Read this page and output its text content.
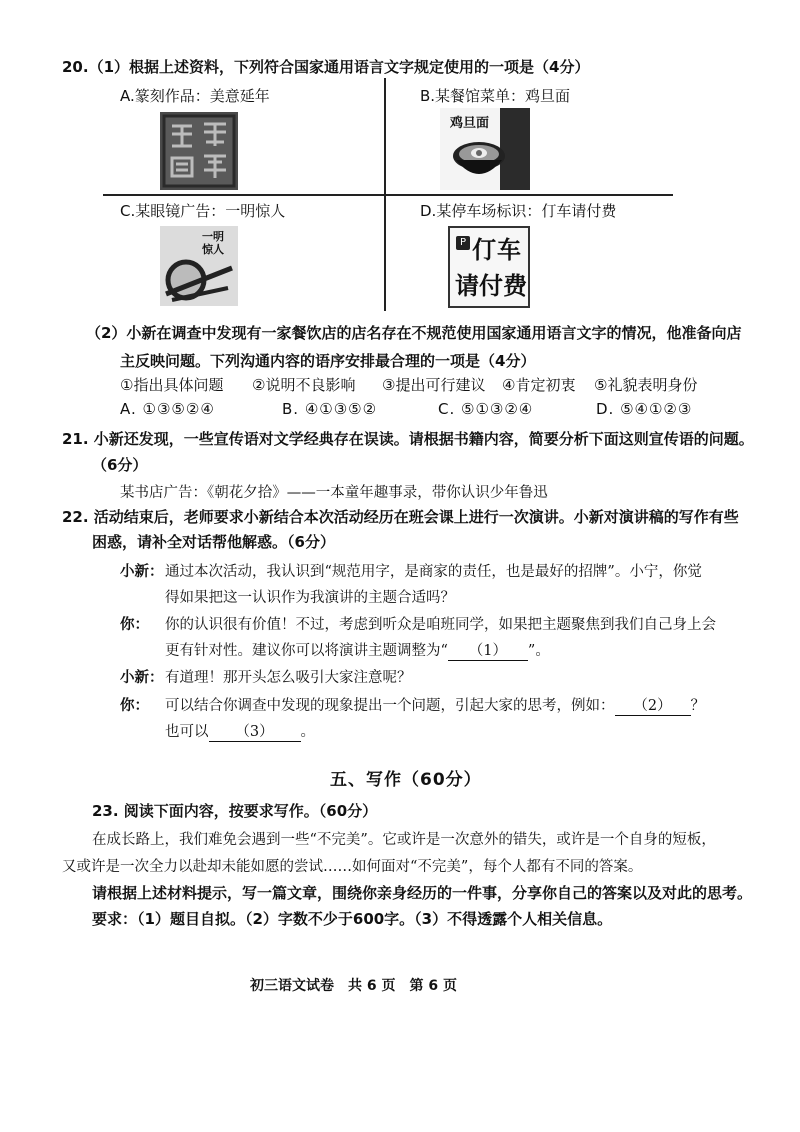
20.（1）根据上述资料，下列符合国家通用语言文字规定使用的一项是（4分）
A.篆刻作品：美意延年	B.某餐馆菜单：鸡旦面
C.某眼镜广告：一明惊人	D.某停车场标识：仃车请付费
鸡旦面
一明惊人
P 仃车
请付费
（2）小新在调查中发现有一家餐饮店的店名存在不规范使用国家通用语言文字的情况，他准备向店
主反映问题。下列沟通内容的语序安排最合理的一项是（4分）
①指出具体问题 ②说明不良影响 ③提出可行建议 ④肯定初衷 ⑤礼貌表明身份
A. ①③⑤②④	B. ④①③⑤②	C. ⑤①③②④	D. ⑤④①②③
21. 小新还发现，一些宣传语对文学经典存在误读。请根据书籍内容，简要分析下面这则宣传语的问题。
（6分）
某书店广告：《朝花夕拾》——一本童年趣事录，带你认识少年鲁迅
22. 活动结束后，老师要求小新结合本次活动经历在班会课上进行一次演讲。小新对演讲稿的写作有些
困惑，请补全对话帮他解惑。（6分）
小新： 通过本次活动，我认识到“规范用字，是商家的责任，也是最好的招牌”。小宁，你觉
得如果把这一认识作为我演讲的主题合适吗？
你： 你的认识很有价值！不过，考虑到听众是咱班同学，如果把主题聚焦到我们自己身上会
更有针对性。建议你可以将演讲主题调整为“ （1） ”。
小新： 有道理！那开头怎么吸引大家注意呢？
你： 可以结合你调查中发现的现象提出一个问题，引起大家的思考，例如： （2） ？
也可以 （3） 。
五、写作（60分）
23. 阅读下面内容，按要求写作。（60分）
在成长路上，我们难免会遇到一些“不完美”。它或许是一次意外的错失，或许是一个自身的短板，
又或许是一次全力以赴却未能如愿的尝试……如何面对“不完美”，每个人都有不同的答案。
请根据上述材料提示，写一篇文章，围绕你亲身经历的一件事，分享你自己的答案以及对此的思考。
要求：（1）题目自拟。（2）字数不少于600字。（3）不得透露个人相关信息。
初三语文试卷　共 6 页　第 6 页
